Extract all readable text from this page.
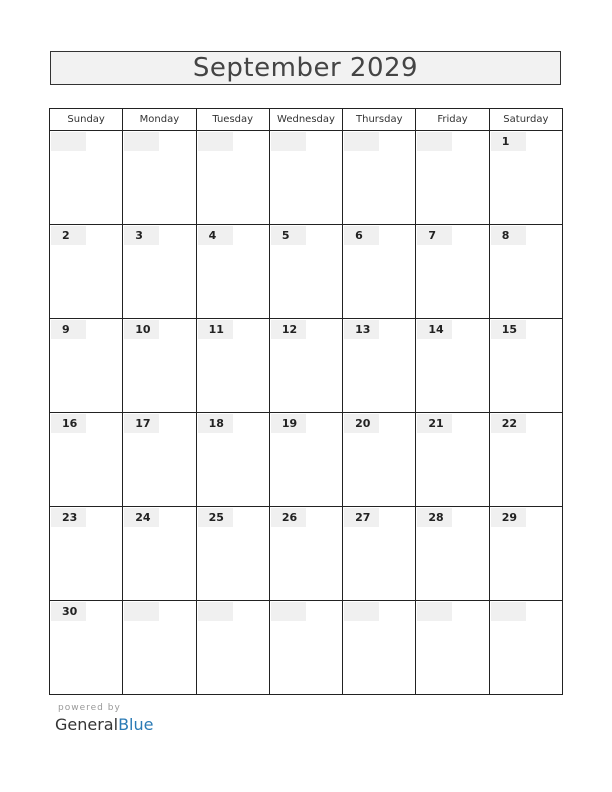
September 2029
Sunday	Monday	Tuesday	Wednesday	Thursday	Friday	Saturday

						1

2	3	4	5	6	7	8

9	10	11	12	13	14	15

16	17	18	19	20	21	22

23	24	25	26	27	28	29

30						

powered by
GeneralBlue
